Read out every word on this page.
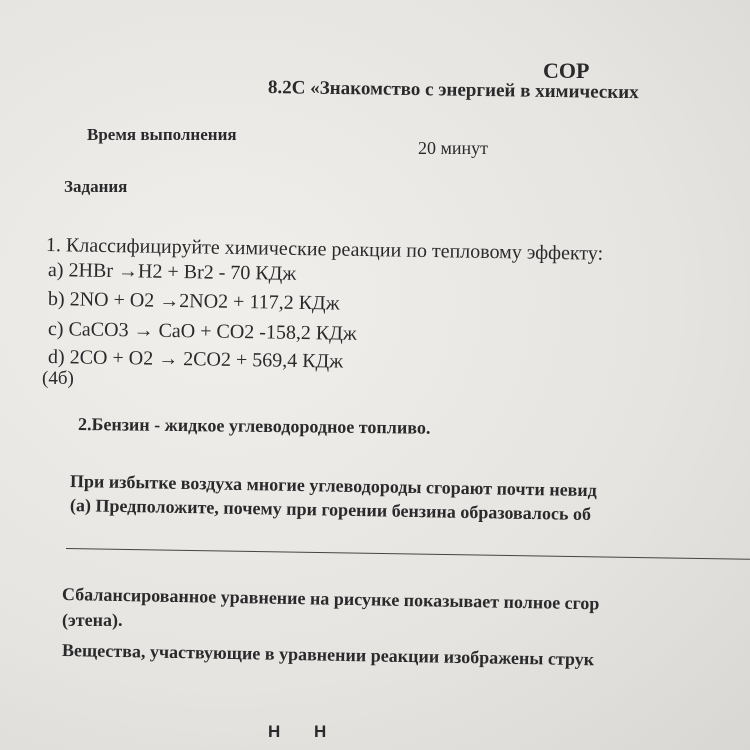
СОР
8.2С «Знакомство с энергией в химических
Время выполнения
20 минут
Задания
1. Классифицируйте химические реакции по тепловому эффекту:
a) 2HBr →H2 + Br2 - 70 КДж
b) 2NO + O2 →2NO2 + 117,2 КДж
c) CaCO3 → CaO + CO2 -158,2 КДж
d) 2CO + O2 → 2CO2 + 569,4 КДж
(4б)
2.Бензин - жидкое углеводородное топливо.
При избытке воздуха многие углеводороды сгорают почти невид
(a) Предположите, почему при горении бензина образовалось об
Сбалансированное уравнение на рисунке показывает полное сгор
(этена).
Вещества, участвующие в уравнении реакции изображены струк
H H
